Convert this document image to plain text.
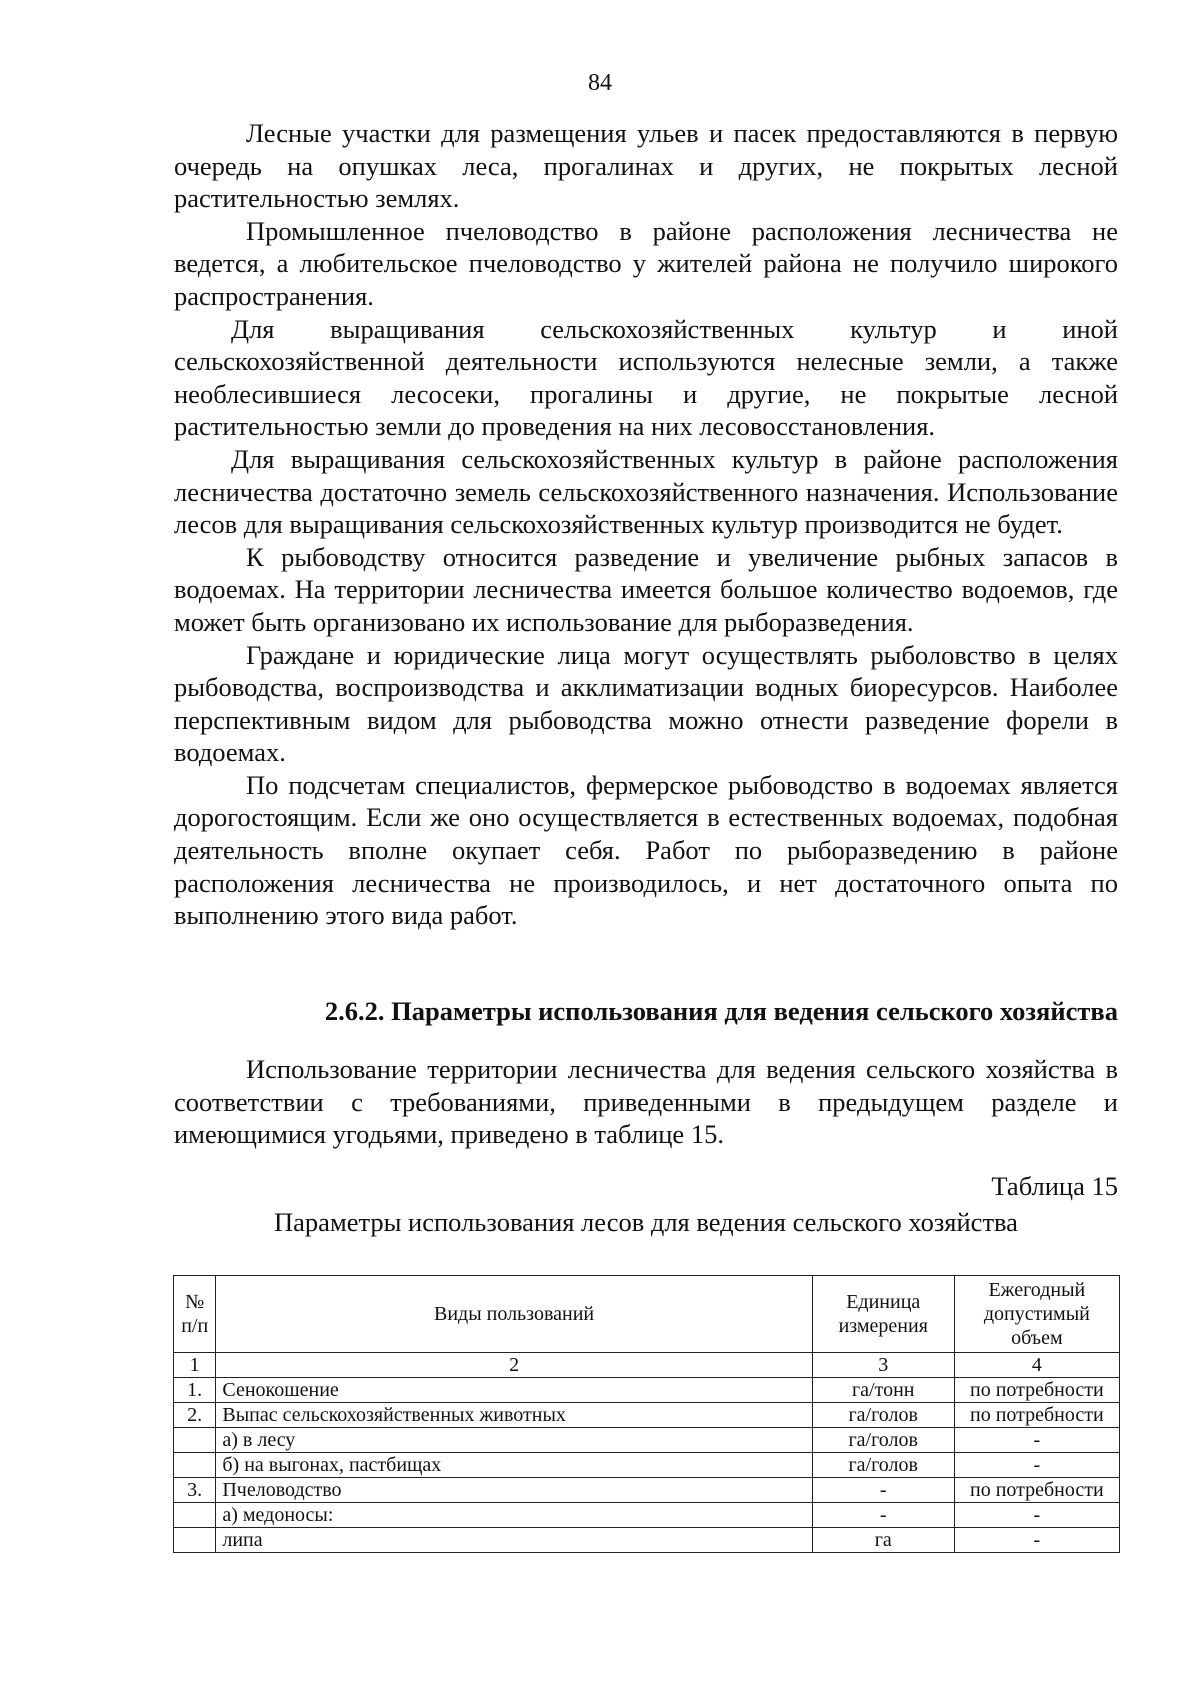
84

Лесные участки для размещения ульев и пасек предоставляются в первую очередь на опушках леса, прогалинах и других, не покрытых лесной растительностью землях.

Промышленное пчеловодство в районе расположения лесничества не ведется, а любительское пчеловодство у жителей района не получило широкого распространения.

Для выращивания сельскохозяйственных культур и иной сельскохозяйственной деятельности используются нелесные земли, а также необлесившиеся лесосеки, прогалины и другие, не покрытые лесной растительностью земли до проведения на них лесовосстановления.

Для выращивания сельскохозяйственных культур в районе расположения лесничества достаточно земель сельскохозяйственного назначения. Использование лесов для выращивания сельскохозяйственных культур производится не будет.

К рыбоводству относится разведение и увеличение рыбных запасов в водоемах. На территории лесничества имеется большое количество водоемов, где может быть организовано их использование для рыборазведения.

Граждане и юридические лица могут осуществлять рыболовство в целях рыбоводства, воспроизводства и акклиматизации водных биоресурсов. Наиболее перспективным видом для рыбоводства можно отнести разведение форели в водоемах.

По подсчетам специалистов, фермерское рыбоводство в водоемах является дорогостоящим. Если же оно осуществляется в естественных водоемах, подобная деятельность вполне окупает себя. Работ по рыборазведению в районе расположения лесничества не производилось, и нет достаточного опыта по выполнению этого вида работ.

2.6.2. Параметры использования для ведения сельского хозяйства

Использование территории лесничества для ведения сельского хозяйства в соответствии с требованиями, приведенными в предыдущем разделе и имеющимися угодьями, приведено в таблице 15.

Таблица 15
Параметры использования лесов для ведения сельского хозяйства
№ п/п	Виды пользований	Единица измерения	Ежегодный допустимый объем
1	2	3	4
1.	Сенокошение	га/тонн	по потребности
2.	Выпас сельскохозяйственных животных	га/голов	по потребности
	а) в лесу	га/голов	-
	б) на выгонах, пастбищах	га/голов	-
3.	Пчеловодство	-	по потребности
	а) медоносы:	-	-
	липа	га	-
